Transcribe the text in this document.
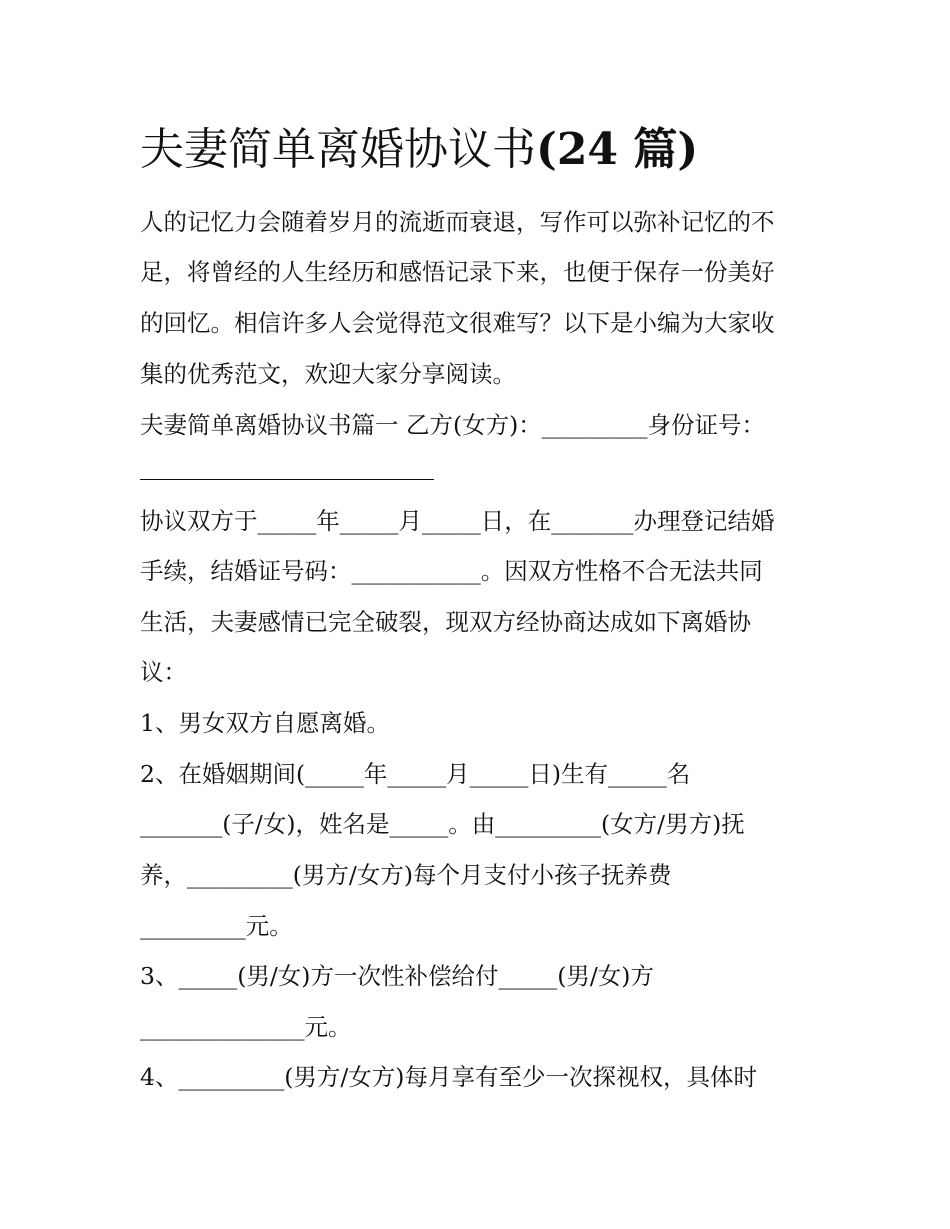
夫妻简单离婚协议书(24 篇)
人的记忆力会随着岁月的流逝而衰退，写作可以弥补记忆的不
足，将曾经的人生经历和感悟记录下来，也便于保存一份美好
的回忆。相信许多人会觉得范文很难写？以下是小编为大家收
集的优秀范文，欢迎大家分享阅读。
夫妻简单离婚协议书篇一 乙方(女方)：_________身份证号：
协议双方于_____年_____月_____日，在_______办理登记结婚
手续，结婚证号码：___________。因双方性格不合无法共同
生活，夫妻感情已完全破裂，现双方经协商达成如下离婚协
议：
1、男女双方自愿离婚。
2、在婚姻期间(_____年_____月_____日)生有_____名
_______(子/女)，姓名是_____。由_________(女方/男方)抚
养，_________(男方/女方)每个月支付小孩子抚养费
_________元。
3、_____(男/女)方一次性补偿给付_____(男/女)方
______________元。
4、_________(男方/女方)每月享有至少一次探视权，具体时
